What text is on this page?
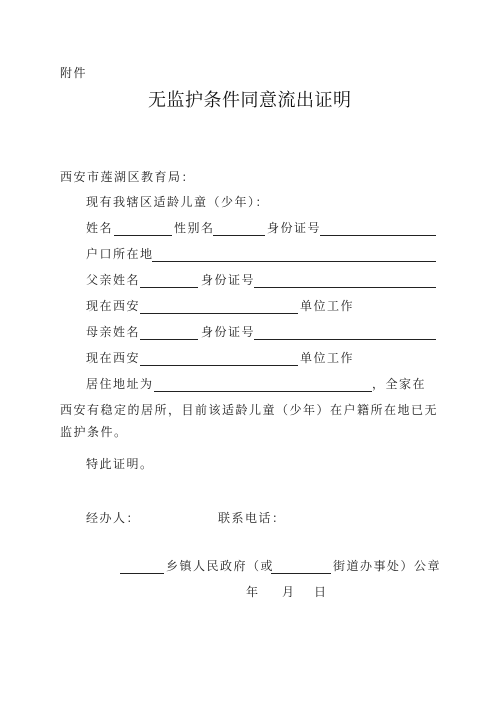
附件
无监护条件同意流出证明
西安市莲湖区教育局：
现有我辖区适龄儿童（少年）：
姓名	性别名	身份证号
户口所在地
父亲姓名	身份证号
现在西安	单位工作
母亲姓名	身份证号
现在西安	单位工作
居住地址为	，全家在
西安有稳定的居所，目前该适龄儿童（少年）在户籍所在地已无监护条件。
特此证明。
经办人：	联系电话：
乡镇人民政府（或	街道办事处）公章
年 月 日
